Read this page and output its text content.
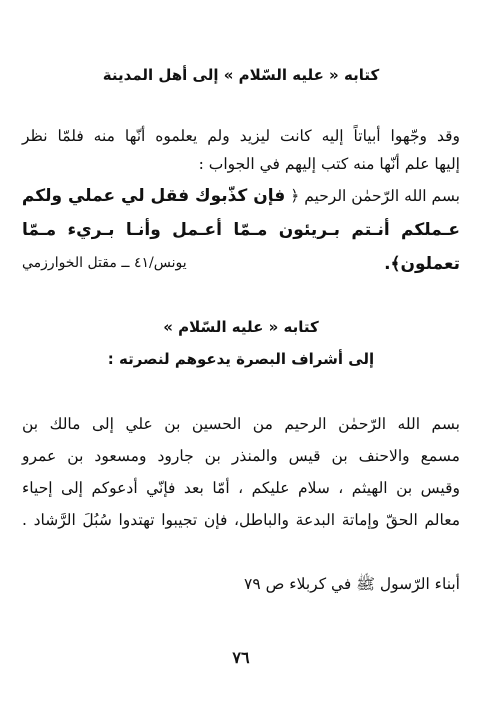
كتابه « عليه السّلام » إلى أهل المدينة
وقد وجّهوا أبياتاً إليه كانت ليزيد ولم يعلموه أنّها منه فلمّا نظر
إليها علم أنّها منه كتب إليهم في الجواب :
بسم الله الرّحمٰن الرحيم ﴿ فإن كذّبوك فقل لي عملي ولكم
عـملكم أنـتم بـريئون مـمّا أعـمل وأنـا بـريء مـمّا
تعملون﴾.
يونس/٤١ ــ مقتل الخوارزمي
كتابه « عليه السّلام »
إلى أشراف البصرة يدعوهم لنصرته :
بسم الله الرّحمٰن الرحيم من الحسين بن علي إلى مالك بن
مسمع والاحنف بن قيس والمنذر بن جارود ومسعود بن عمرو
وقيس بن الهيثم ، سلام عليكم ، أمّا بعد فإنّي أدعوكم إلى إحياء
معالم الحقّ وإماتة البدعة والباطل، فإن تجيبوا تهتدوا سُبُلَ الرَّشاد .
أبناء الرّسول ﷺ في كربلاء ص ٧٩
٧٦
